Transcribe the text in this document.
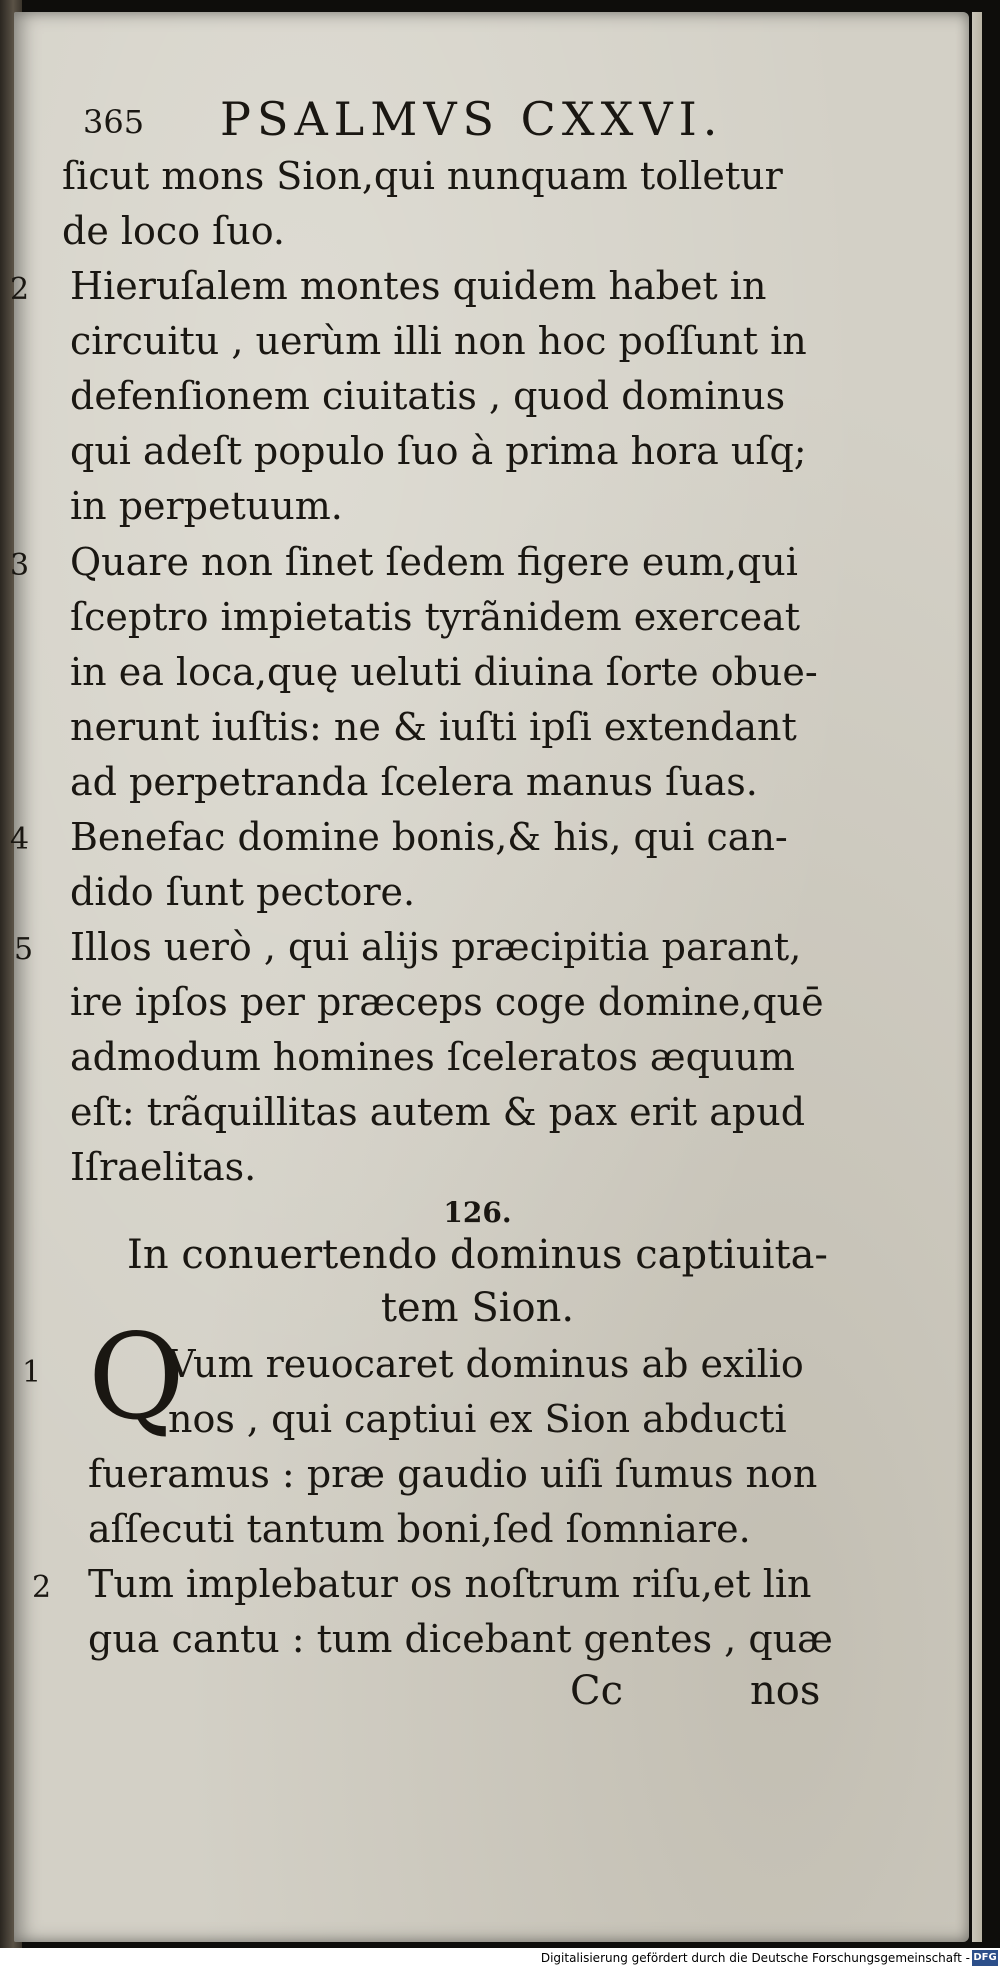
365 PSALMVS CXXVI.
ſicut mons Sion,qui nunquam tolletur
de loco ſuo.
2 Hieruſalem montes quidem habet in
circuitu , uerùm illi non hoc poſſunt in
defenſionem ciuitatis , quod dominus
qui adeſt populo ſuo à prima hora uſq;
in perpetuum.
3 Quare non ſinet ſedem figere eum,qui
ſceptro impietatis tyrãnidem exerceat
in ea loca,quę ueluti diuina ſorte obue-
nerunt iuſtis: ne & iuſti ipſi extendant
ad perpetranda ſcelera manus ſuas.
4 Benefac domine bonis,& his, qui can-
dido ſunt pectore.
5 Illos uerò , qui alijs præcipitia parant,
ire ipſos per præceps coge domine,quē
admodum homines ſceleratos æquum
eſt: trãquillitas autem & pax erit apud
Iſraelitas.
126.
In conuertendo dominus captiuita-
tem Sion.
Q
1	Vum reuocaret dominus ab exilio
nos , qui captiui ex Sion abducti
fueramus : præ gaudio uiſi ſumus non
aſſecuti tantum boni,ſed ſomniare.
2 Tum implebatur os noſtrum riſu,et lin
gua cantu : tum dicebant gentes , quæ
Cc	nos
Digitalisierung gefördert durch die Deutsche Forschungsgemeinschaft - DFG
